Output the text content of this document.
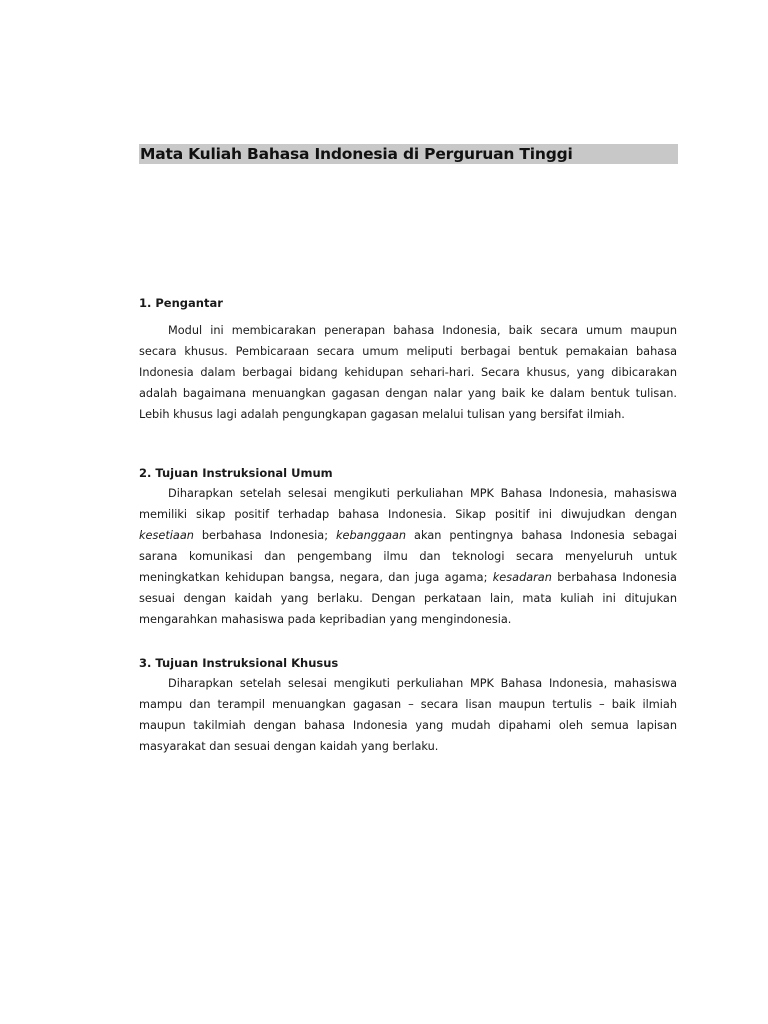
Mata Kuliah Bahasa Indonesia di Perguruan Tinggi

1. Pengantar

Modul ini membicarakan penerapan bahasa Indonesia, baik secara umum maupun secara khusus. Pembicaraan secara umum meliputi berbagai bentuk pemakaian bahasa Indonesia dalam berbagai bidang kehidupan sehari-hari. Secara khusus, yang dibicarakan adalah bagaimana menuangkan gagasan dengan nalar yang baik ke dalam bentuk tulisan. Lebih khusus lagi adalah pengungkapan gagasan melalui tulisan yang bersifat ilmiah.

2. Tujuan Instruksional Umum

Diharapkan setelah selesai mengikuti perkuliahan MPK Bahasa Indonesia, mahasiswa memiliki sikap positif terhadap bahasa Indonesia. Sikap positif ini diwujudkan dengan kesetiaan berbahasa Indonesia; kebanggaan akan pentingnya bahasa Indonesia sebagai sarana komunikasi dan pengembang ilmu dan teknologi secara menyeluruh untuk meningkatkan kehidupan bangsa, negara, dan juga agama; kesadaran berbahasa Indonesia sesuai dengan kaidah yang berlaku. Dengan perkataan lain, mata kuliah ini ditujukan mengarahkan mahasiswa pada kepribadian yang mengindonesia.

3. Tujuan Instruksional Khusus

Diharapkan setelah selesai mengikuti perkuliahan MPK Bahasa Indonesia, mahasiswa mampu dan terampil menuangkan gagasan – secara lisan maupun tertulis – baik ilmiah maupun takilmiah dengan bahasa Indonesia yang mudah dipahami oleh semua lapisan masyarakat dan sesuai dengan kaidah yang berlaku.
